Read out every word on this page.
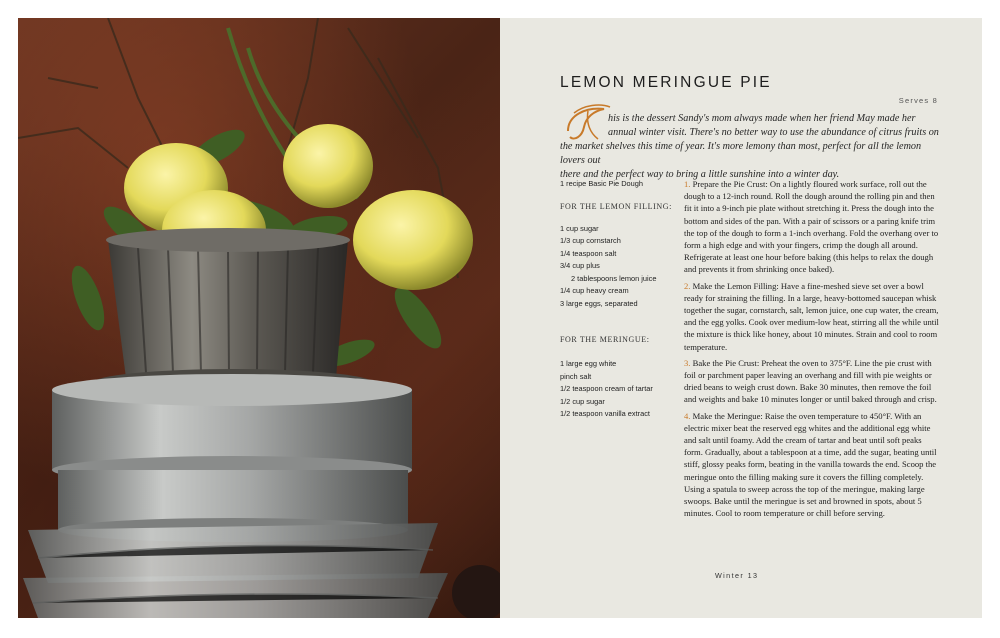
LEMON MERINGUE PIE
Serves 8
his is the dessert Sandy's mom always made when her friend May made her
annual winter visit. There's no better way to use the abundance of citrus fruits on
the market shelves this time of year. It's more lemony than most, perfect for all the lemon lovers out
there and the perfect way to bring a little sunshine into a winter day.

1 recipe Basic Pie Dough

FOR THE LEMON FILLING:

1 cup sugar

1/3 cup cornstarch

1/4 teaspoon salt

3/4 cup plus

2 tablespoons lemon juice

1/4 cup heavy cream

3 large eggs, separated

FOR THE MERINGUE:

1 large egg white

pinch salt

1/2 teaspoon cream of tartar

1/2 cup sugar

1/2 teaspoon vanilla extract

1. Prepare the Pie Crust: On a lightly floured work surface, roll out the dough to a 12-inch round. Roll the dough around the rolling pin and then fit it into a 9-inch pie plate without stretching it. Press the dough into the bottom and sides of the pan. With a pair of scissors or a paring knife trim the top of the dough to form a 1-inch overhang. Fold the overhang over to form a high edge and with your fingers, crimp the dough all around. Refrigerate at least one hour before baking (this helps to relax the dough and prevents it from shrinking once baked).

2. Make the Lemon Filling: Have a fine-meshed sieve set over a bowl ready for straining the filling. In a large, heavy-bottomed saucepan whisk together the sugar, cornstarch, salt, lemon juice, one cup water, the cream, and the egg yolks. Cook over medium-low heat, stirring all the while until the mixture is thick like honey, about 10 minutes. Strain and cool to room temperature.

3. Bake the Pie Crust: Preheat the oven to 375°F. Line the pie crust with foil or parchment paper leaving an overhang and fill with pie weights or dried beans to weigh crust down. Bake 30 minutes, then remove the foil and weights and bake 10 minutes longer or until baked through and crisp.

4. Make the Meringue: Raise the oven temperature to 450°F. With an electric mixer beat the reserved egg whites and the additional egg white and salt until foamy. Add the cream of tartar and beat until soft peaks form. Gradually, about a tablespoon at a time, add the sugar, beating until stiff, glossy peaks form, beating in the vanilla towards the end. Scoop the meringue onto the filling making sure it covers the filling completely. Using a spatula to sweep across the top of the meringue, making large swoops. Bake until the meringue is set and browned in spots, about 5 minutes. Cool to room temperature or chill before serving.

Winter 13
